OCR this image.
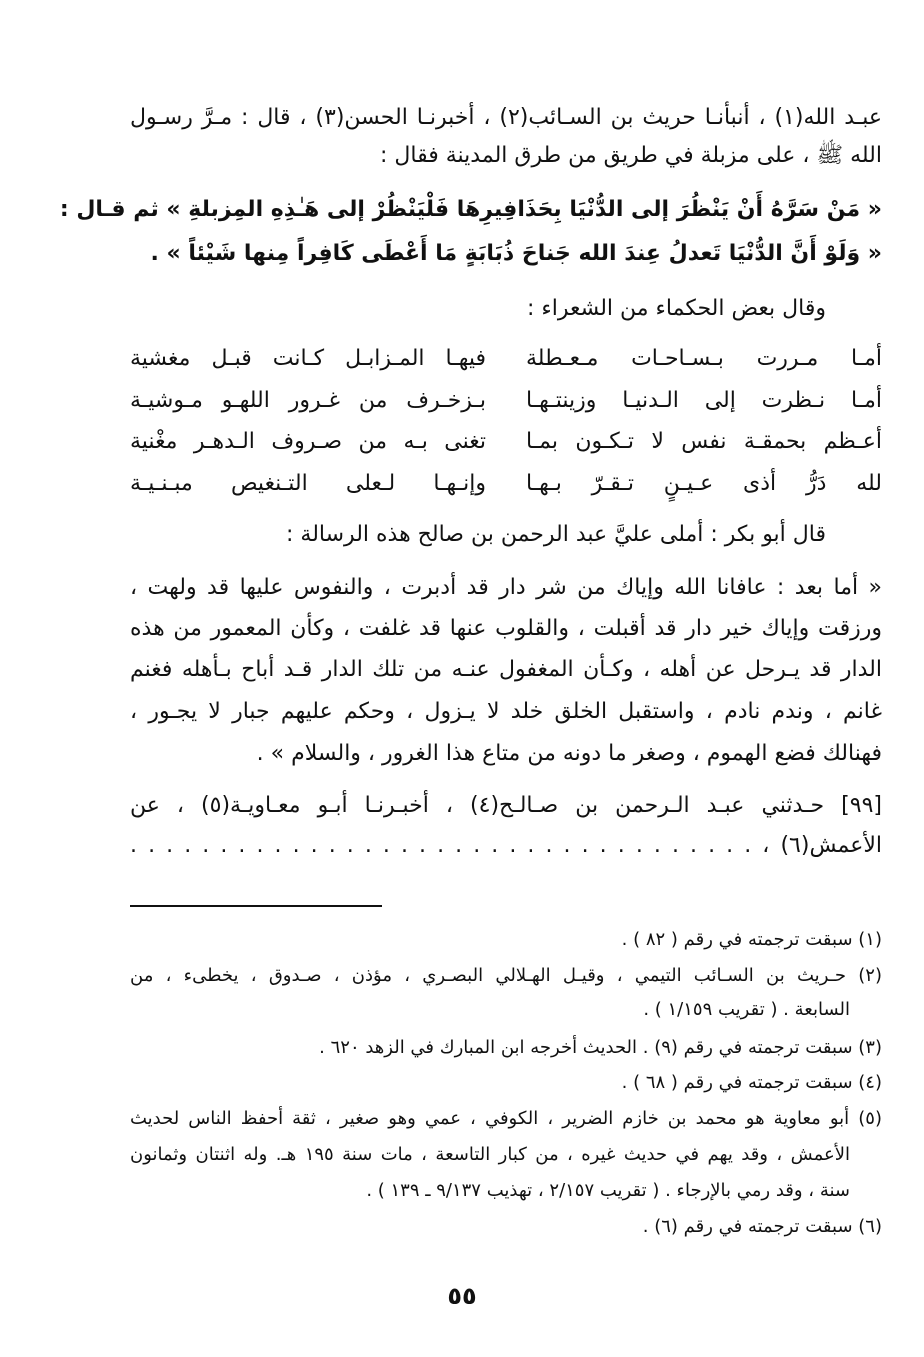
عبـد الله(١) ، أنبأنـا حريث بن السـائب(٢) ، أخبرنـا الحسن(٣) ، قال : مـرَّ رسـول

الله ﷺ ، على مزبلة في طريق من طرق المدينة فقال :

« مَنْ سَرَّهُ أَنْ يَنْظُرَ إلى الدُّنْيَا بِحَذَافِيرِهَا فَلْيَنْظُرْ إلى هَـٰذِهِ المِزبلةِ » ثم قـال :

« وَلَوْ أَنَّ الدُّنْيَا تَعدلُ عِندَ الله جَناحَ ذُبَابَةٍ مَا أَعْطَى كَافِراً مِنها شَيْئاً » .

وقال بعض الحكماء من الشعراء :

أمـا مـررت بـسـاحـات مـعـطلة
فيهـا المـزابـل كـانت قبـل مغشية
أمـا نـظرت إلى الـدنيـا وزينتـهـا
بـزخـرف من غـرور اللهـو مـوشيـة
أعـظم بحمقـة نفس لا تـكـون بمـا
تغنى بـه من صـروف الـدهـر مغْنية
لله دَرُّ أذى عـيـنٍ تـقـرّ بـهـا
وإنـهـا لـعلى التـنغيص مبـنـيـة

قال أبو بكر : أملى عليَّ عبد الرحمن بن صالح هذه الرسالة :

« أما بعد : عافانا الله وإياك من شر دار قد أدبرت ، والنفوس عليها قد ولهت ،

ورزقت وإياك خير دار قد أقبلت ، والقلوب عنها قد غلفت ، وكأن المعمور من هذه

الدار قد يـرحل عن أهله ، وكـأن المغفول عنـه من تلك الدار قـد أباح بـأهله فغنم

غانم ، وندم نادم ، واستقبل الخلق خلد لا يـزول ، وحكم عليهم جبار لا يجـور ،

فهنالك فضع الهموم ، وصغر ما دونه من متاع هذا الغرور ، والسلام » .

[٩٩] حـدثني عبـد الـرحمن بن صـالـح(٤) ، أخبـرنـا أبـو معـاويـة(٥) ، عن

الأعمش(٦) ، . . . . . . . . . . . . . . . . . . . . . . . . . . . . . . . . . . .

(١) سبقت ترجمته في رقم ( ٨٢ ) .

(٢) حـريث بن السـائب التيمي ، وقيـل الهـلالي البصـري ، مؤذن ، صـدوق ، يخطىء ، من

السابعة . ( تقريب ١/١٥٩ ) .

(٣) سبقت ترجمته في رقم (٩) . الحديث أخرجه ابن المبارك في الزهد ٦٢٠ .

(٤) سبقت ترجمته في رقم ( ٦٨ ) .

(٥) أبو معاوية هو محمد بن خازم الضرير ، الكوفي ، عمي وهو صغير ، ثقة أحفظ الناس لحديث

الأعمش ، وقد يهم في حديث غيره ، من كبار التاسعة ، مات سنة ١٩٥ هـ. وله اثنتان وثمانون

سنة ، وقد رمي بالإرجاء . ( تقريب ٢/١٥٧ ، تهذيب ٩/١٣٧ ـ ١٣٩ ) .

(٦) سبقت ترجمته في رقم (٦) .

٥٥
